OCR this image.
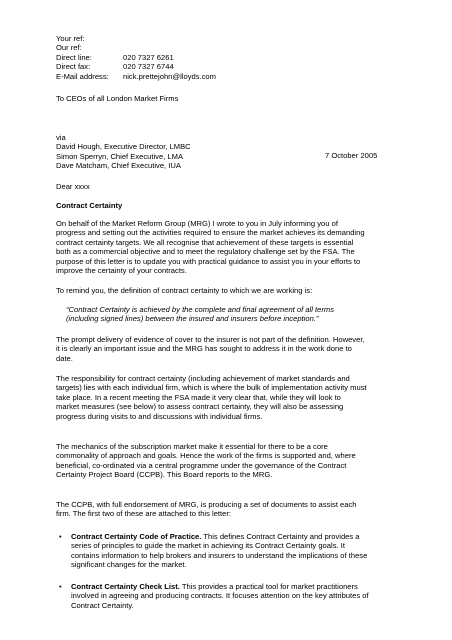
Your ref:
Our ref:
Direct line:	020 7327 6261
Direct fax:	020 7327 6744
E-Mail address: nick.prettejohn@lloyds.com
To CEOs of all London Market Firms
via
David Hough, Executive Director, LMBC
Simon Sperryn, Chief Executive, LMA
Dave Matcham, Chief Executive, IUA
7 October 2005
Dear xxxx
Contract Certainty
On behalf of the Market Reform Group (MRG) I wrote to you in July informing you of
progress and setting out the activities required to ensure the market achieves its demanding
contract certainty targets. We all recognise that achievement of these targets is essential
both as a commercial objective and to meet the regulatory challenge set by the FSA. The
purpose of this letter is to update you with practical guidance to assist you in your efforts to
improve the certainty of your contracts.
To remind you, the definition of contract certainty to which we are working is:
“Contract Certainty is achieved by the complete and final agreement of all terms
(including signed lines) between the insured and insurers before inception.”
The prompt delivery of evidence of cover to the insurer is not part of the definition. However,
it is clearly an important issue and the MRG has sought to address it in the work done to
date.
The responsibility for contract certainty (including achievement of market standards and
targets) lies with each individual firm, which is where the bulk of implementation activity must
take place. In a recent meeting the FSA made it very clear that, while they will look to
market measures (see below) to assess contract certainty, they will also be assessing
progress during visits to and discussions with individual firms.
The mechanics of the subscription market make it essential for there to be a core
commonality of approach and goals. Hence the work of the firms is supported and, where
beneficial, co-ordinated via a central programme under the governance of the Contract
Certainty Project Board (CCPB). This Board reports to the MRG.
The CCPB, with full endorsement of MRG, is producing a set of documents to assist each
firm. The first two of these are attached to this letter:
• Contract Certainty Code of Practice. This defines Contract Certainty and provides a
series of principles to guide the market in achieving its Contract Certainty goals. It
contains information to help brokers and insurers to understand the implications of these
significant changes for the market.
• Contract Certainty Check List. This provides a practical tool for market practitioners
involved in agreeing and producing contracts. It focuses attention on the key attributes of
Contract Certainty.
